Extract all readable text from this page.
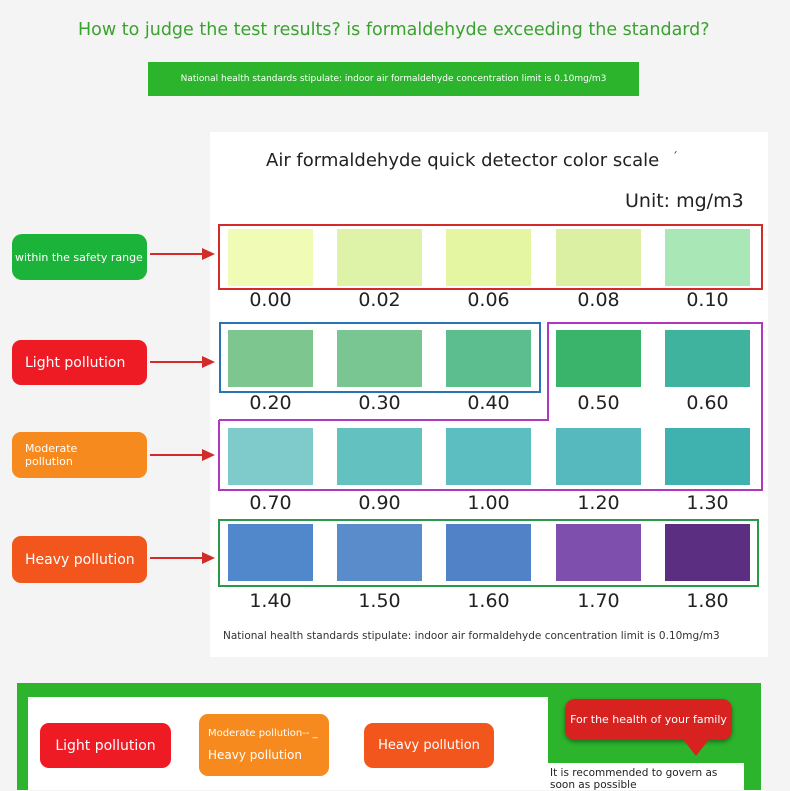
How to judge the test results? is formaldehyde exceeding the standard?
National health standards stipulate: indoor air formaldehyde concentration limit is 0.10mg/m3
Air formaldehyde quick detector color scale ˊ
Unit: mg/m3
0.00	0.02	0.06	0.08	0.10
0.20	0.30	0.40	0.50	0.60
0.70	0.90	1.00	1.20	1.30
1.40	1.50	1.60	1.70	1.80
within the safety range
Light pollution
Moderate pollution
Heavy pollution
National health standards stipulate: indoor air formaldehyde concentration limit is 0.10mg/m3
Light pollution
Moderate pollution-- _
Heavy pollution
Heavy pollution
For the health of your family
It is recommended to govern as soon as possible
